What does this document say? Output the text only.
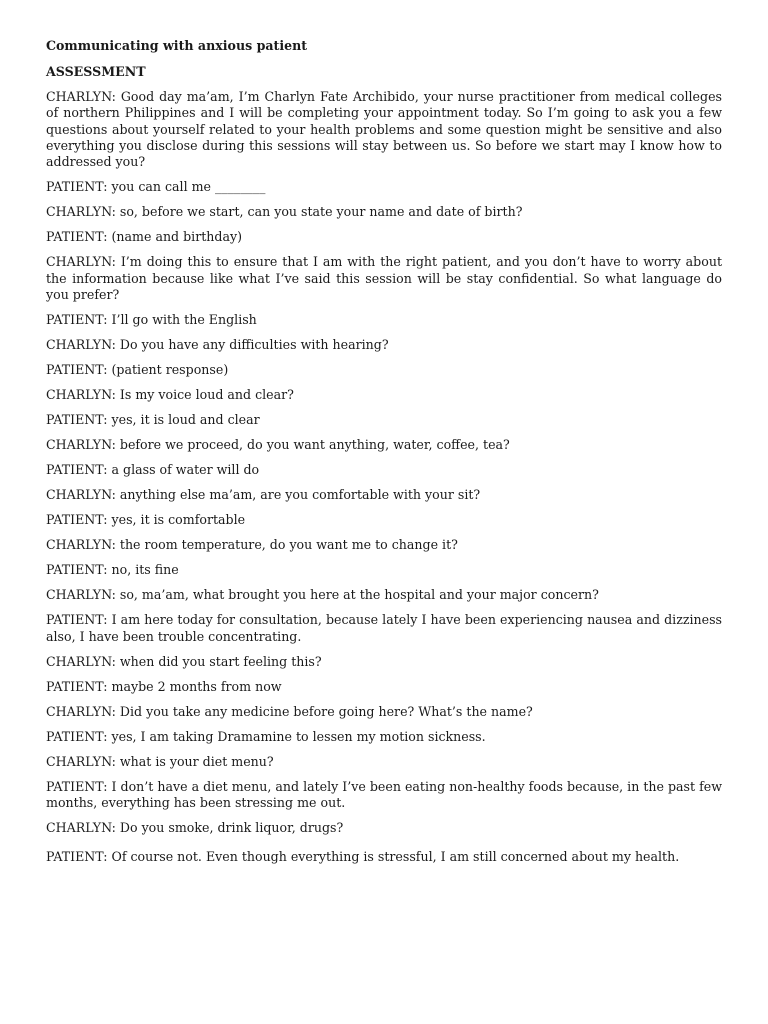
Communicating with anxious patient
ASSESSMENT

CHARLYN: Good day ma’am, I’m Charlyn Fate Archibido, your nurse practitioner from medical colleges of northern Philippines and I will be completing your appointment today. So I’m going to ask you a few questions about yourself related to your health problems and some question might be sensitive and also everything you disclose during this sessions will stay between us. So before we start may I know how to addressed you?

PATIENT: you can call me ________

CHARLYN: so, before we start, can you state your name and date of birth?

PATIENT: (name and birthday)

CHARLYN: I’m doing this to ensure that I am with the right patient, and you don’t have to worry about the information because like what I’ve said this session will be stay confidential. So what language do you prefer?

PATIENT: I’ll go with the English

CHARLYN: Do you have any difficulties with hearing?

PATIENT: (patient response)

CHARLYN: Is my voice loud and clear?

PATIENT: yes, it is loud and clear

CHARLYN: before we proceed, do you want anything, water, coffee, tea?

PATIENT: a glass of water will do

CHARLYN: anything else ma’am, are you comfortable with your sit?

PATIENT: yes, it is comfortable

CHARLYN: the room temperature, do you want me to change it?

PATIENT: no, its fine

CHARLYN: so, ma’am, what brought you here at the hospital and your major concern?

PATIENT: I am here today for consultation, because lately I have been experiencing nausea and dizziness also, I have been trouble concentrating.

CHARLYN: when did you start feeling this?

PATIENT: maybe 2 months from now

CHARLYN: Did you take any medicine before going here? What’s the name?

PATIENT: yes, I am taking Dramamine to lessen my motion sickness.

CHARLYN: what is your diet menu?

PATIENT: I don’t have a diet menu, and lately I’ve been eating non-healthy foods because, in the past few months, everything has been stressing me out.

CHARLYN: Do you smoke, drink liquor, drugs?

PATIENT: Of course not. Even though everything is stressful, I am still concerned about my health.
